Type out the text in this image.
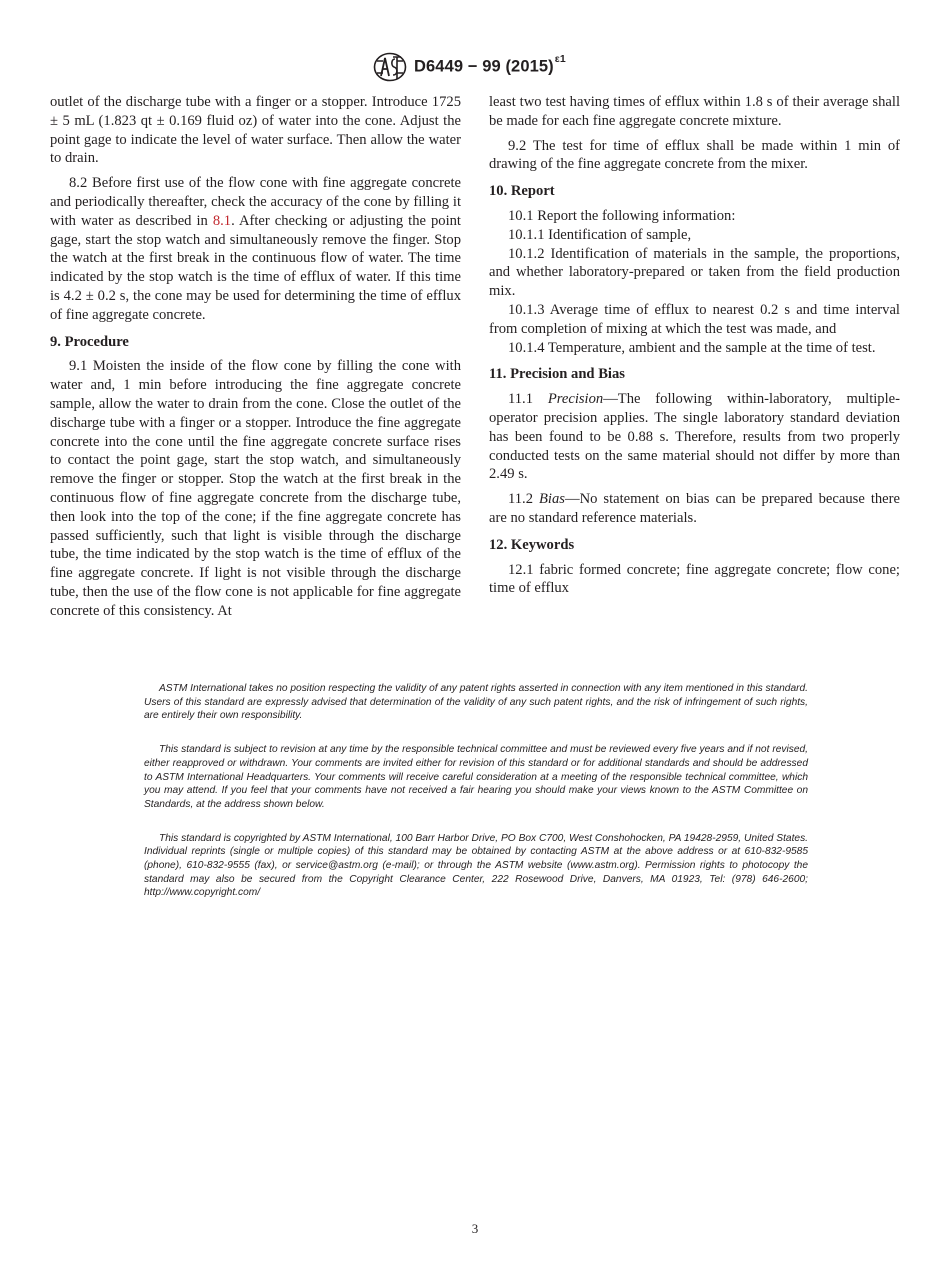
D6449 − 99 $(2015)^{\varepsilon 1}$

outlet of the discharge tube with a finger or a stopper. Introduce 1725 ± 5 mL (1.823 qt ± 0.169 fluid oz) of water into the cone. Adjust the point gage to indicate the level of water surface. Then allow the water to drain.

8.2 Before first use of the flow cone with fine aggregate concrete and periodically thereafter, check the accuracy of the cone by filling it with water as described in 8.1. After checking or adjusting the point gage, start the stop watch and simultaneously remove the finger. Stop the watch at the first break in the continuous flow of water. The time indicated by the stop watch is the time of efflux of water. If this time is 4.2 ± 0.2 s, the cone may be used for determining the time of efflux of fine aggregate concrete.

9. Procedure

9.1 Moisten the inside of the flow cone by filling the cone with water and, 1 min before introducing the fine aggregate concrete sample, allow the water to drain from the cone. Close the outlet of the discharge tube with a finger or a stopper. Introduce the fine aggregate concrete into the cone until the fine aggregate concrete surface rises to contact the point gage, start the stop watch, and simultaneously remove the finger or stopper. Stop the watch at the first break in the continuous flow of fine aggregate concrete from the discharge tube, then look into the top of the cone; if the fine aggregate concrete has passed sufficiently, such that light is visible through the discharge tube, the time indicated by the stop watch is the time of efflux of the fine aggregate concrete. If light is not visible through the discharge tube, then the use of the flow cone is not applicable for fine aggregate concrete of this consistency. At

least two test having times of efflux within 1.8 s of their average shall be made for each fine aggregate concrete mixture.

9.2 The test for time of efflux shall be made within 1 min of drawing of the fine aggregate concrete from the mixer.

10. Report

10.1 Report the following information:

10.1.1 Identification of sample,

10.1.2 Identification of materials in the sample, the proportions, and whether laboratory-prepared or taken from the field production mix.

10.1.3 Average time of efflux to nearest 0.2 s and time interval from completion of mixing at which the test was made, and

10.1.4 Temperature, ambient and the sample at the time of test.

11. Precision and Bias

11.1 Precision—The following within-laboratory, multiple-operator precision applies. The single laboratory standard deviation has been found to be 0.88 s. Therefore, results from two properly conducted tests on the same material should not differ by more than 2.49 s.

11.2 Bias—No statement on bias can be prepared because there are no standard reference materials.

12. Keywords

12.1 fabric formed concrete; fine aggregate concrete; flow cone; time of efflux

ASTM International takes no position respecting the validity of any patent rights asserted in connection with any item mentioned in this standard. Users of this standard are expressly advised that determination of the validity of any such patent rights, and the risk of infringement of such rights, are entirely their own responsibility.

This standard is subject to revision at any time by the responsible technical committee and must be reviewed every five years and if not revised, either reapproved or withdrawn. Your comments are invited either for revision of this standard or for additional standards and should be addressed to ASTM International Headquarters. Your comments will receive careful consideration at a meeting of the responsible technical committee, which you may attend. If you feel that your comments have not received a fair hearing you should make your views known to the ASTM Committee on Standards, at the address shown below.

This standard is copyrighted by ASTM International, 100 Barr Harbor Drive, PO Box C700, West Conshohocken, PA 19428-2959, United States. Individual reprints (single or multiple copies) of this standard may be obtained by contacting ASTM at the above address or at 610-832-9585 (phone), 610-832-9555 (fax), or service@astm.org (e-mail); or through the ASTM website (www.astm.org). Permission rights to photocopy the standard may also be secured from the Copyright Clearance Center, 222 Rosewood Drive, Danvers, MA 01923, Tel: (978) 646-2600; http://www.copyright.com/

3
